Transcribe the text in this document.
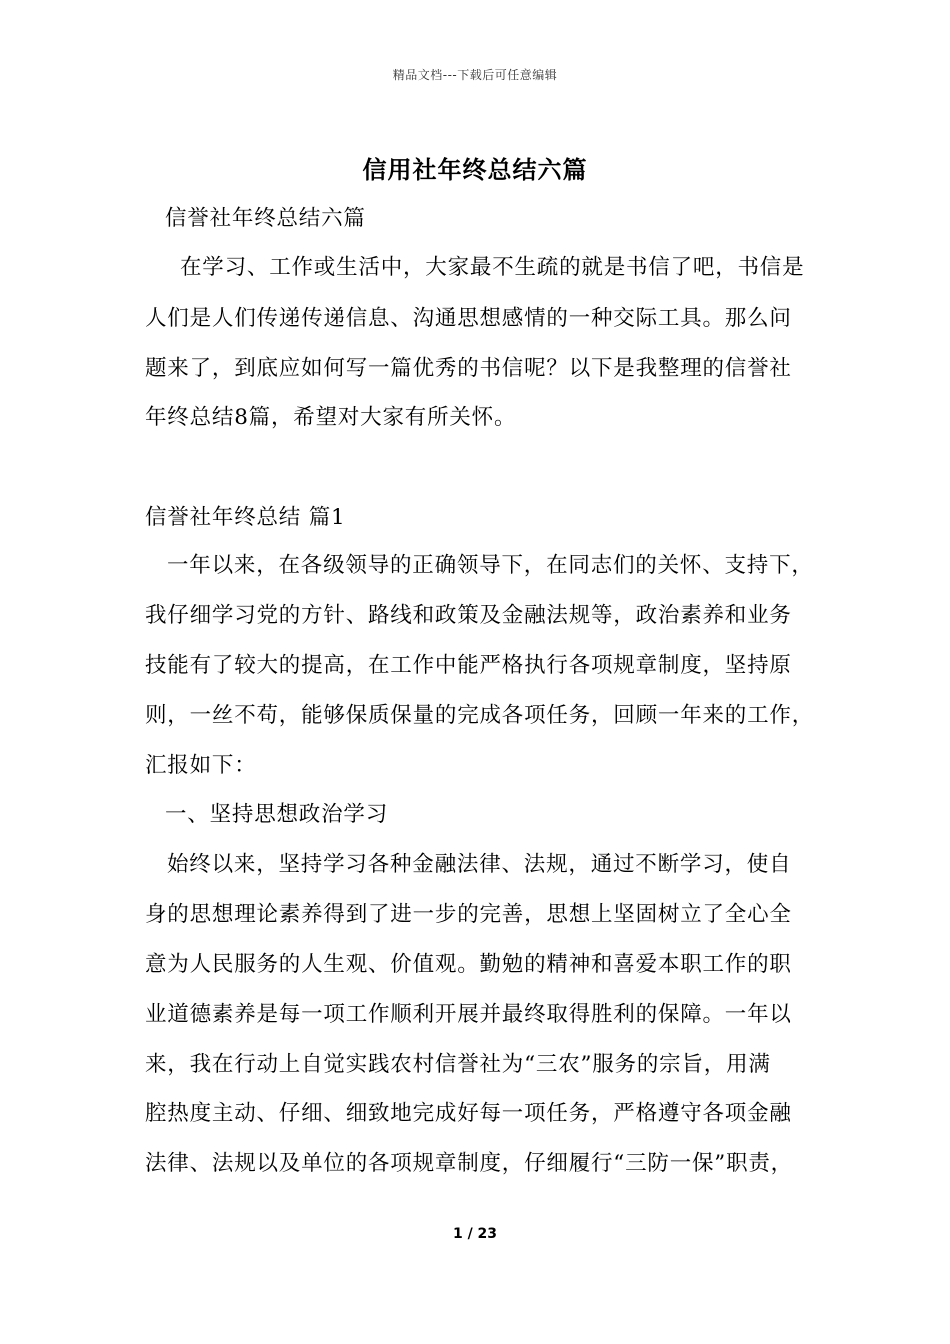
精品文档---下载后可任意编辑
信用社年终总结六篇
信誉社年终总结六篇
在学习、工作或生活中，大家最不生疏的就是书信了吧，书信是
人们是人们传递传递信息、沟通思想感情的一种交际工具。那么问
题来了，到底应如何写一篇优秀的书信呢？以下是我整理的信誉社
年终总结8篇，希望对大家有所关怀。
信誉社年终总结 篇1
一年以来，在各级领导的正确领导下，在同志们的关怀、支持下，
我仔细学习党的方针、路线和政策及金融法规等，政治素养和业务
技能有了较大的提高，在工作中能严格执行各项规章制度，坚持原
则，一丝不苟，能够保质保量的完成各项任务，回顾一年来的工作，
汇报如下：
一、坚持思想政治学习
始终以来，坚持学习各种金融法律、法规，通过不断学习，使自
身的思想理论素养得到了进一步的完善，思想上坚固树立了全心全
意为人民服务的人生观、价值观。勤勉的精神和喜爱本职工作的职
业道德素养是每一项工作顺利开展并最终取得胜利的保障。一年以
来，我在行动上自觉实践农村信誉社为“三农”服务的宗旨，用满
腔热度主动、仔细、细致地完成好每一项任务，严格遵守各项金融
法律、法规以及单位的各项规章制度，仔细履行“三防一保”职责，
1 / 23
